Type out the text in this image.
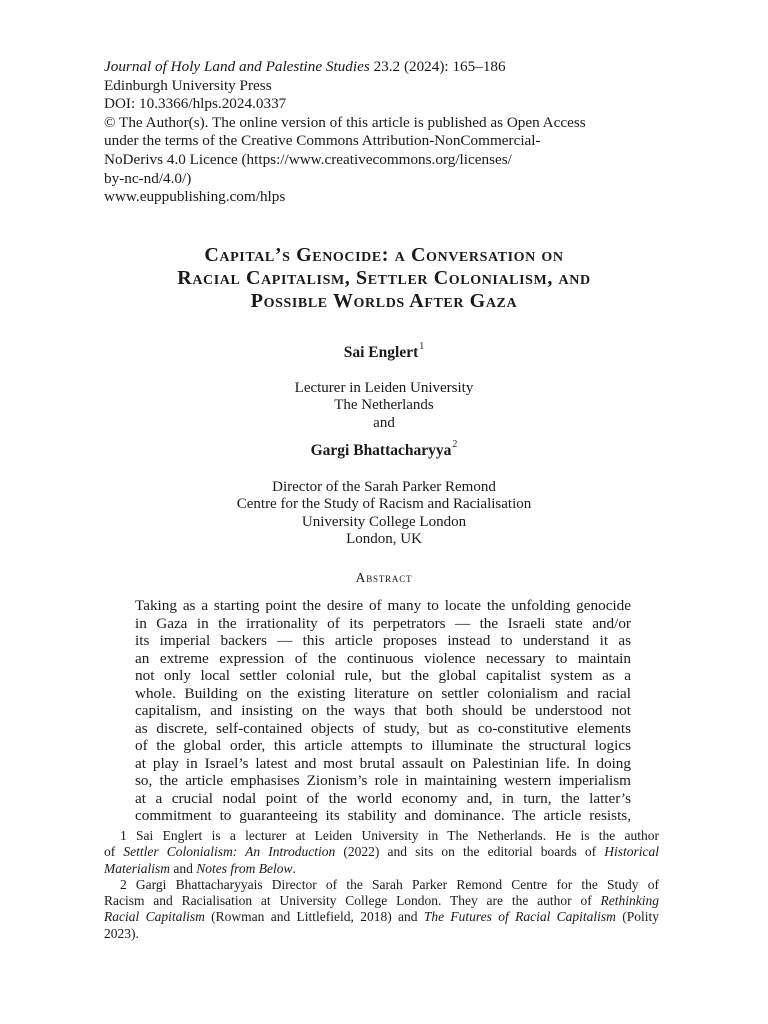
Journal of Holy Land and Palestine Studies 23.2 (2024): 165–186
Edinburgh University Press
DOI: 10.3366/hlps.2024.0337
© The Author(s). The online version of this article is published as Open Access
under the terms of the Creative Commons Attribution-NonCommercial-
NoDerivs 4.0 Licence (https://www.creativecommons.org/licenses/
by-nc-nd/4.0/)
www.euppublishing.com/hlps
Capital’s Genocide: a Conversation on
Racial Capitalism, Settler Colonialism, and
Possible Worlds After Gaza
Sai Englert$^1$
Lecturer in Leiden University
The Netherlands
and
Gargi Bhattacharyya$^2$
Director of the Sarah Parker Remond
Centre for the Study of Racism and Racialisation
University College London
London, UK
Abstract
Taking as a starting point the desire of many to locate the unfolding genocide
in Gaza in the irrationality of its perpetrators — the Israeli state and/or
its imperial backers — this article proposes instead to understand it as
an extreme expression of the continuous violence necessary to maintain
not only local settler colonial rule, but the global capitalist system as a
whole. Building on the existing literature on settler colonialism and racial
capitalism, and insisting on the ways that both should be understood not
as discrete, self-contained objects of study, but as co-constitutive elements
of the global order, this article attempts to illuminate the structural logics
at play in Israel’s latest and most brutal assault on Palestinian life. In doing
so, the article emphasises Zionism’s role in maintaining western imperialism
at a crucial nodal point of the world economy and, in turn, the latter’s
commitment to guaranteeing its stability and dominance. The article resists,
1 Sai Englert is a lecturer at Leiden University in The Netherlands. He is the author
of Settler Colonialism: An Introduction (2022) and sits on the editorial boards of Historical
Materialism and Notes from Below.
2 Gargi Bhattacharyyais Director of the Sarah Parker Remond Centre for the Study of
Racism and Racialisation at University College London. They are the author of Rethinking
Racial Capitalism (Rowman and Littlefield, 2018) and The Futures of Racial Capitalism (Polity
2023).
